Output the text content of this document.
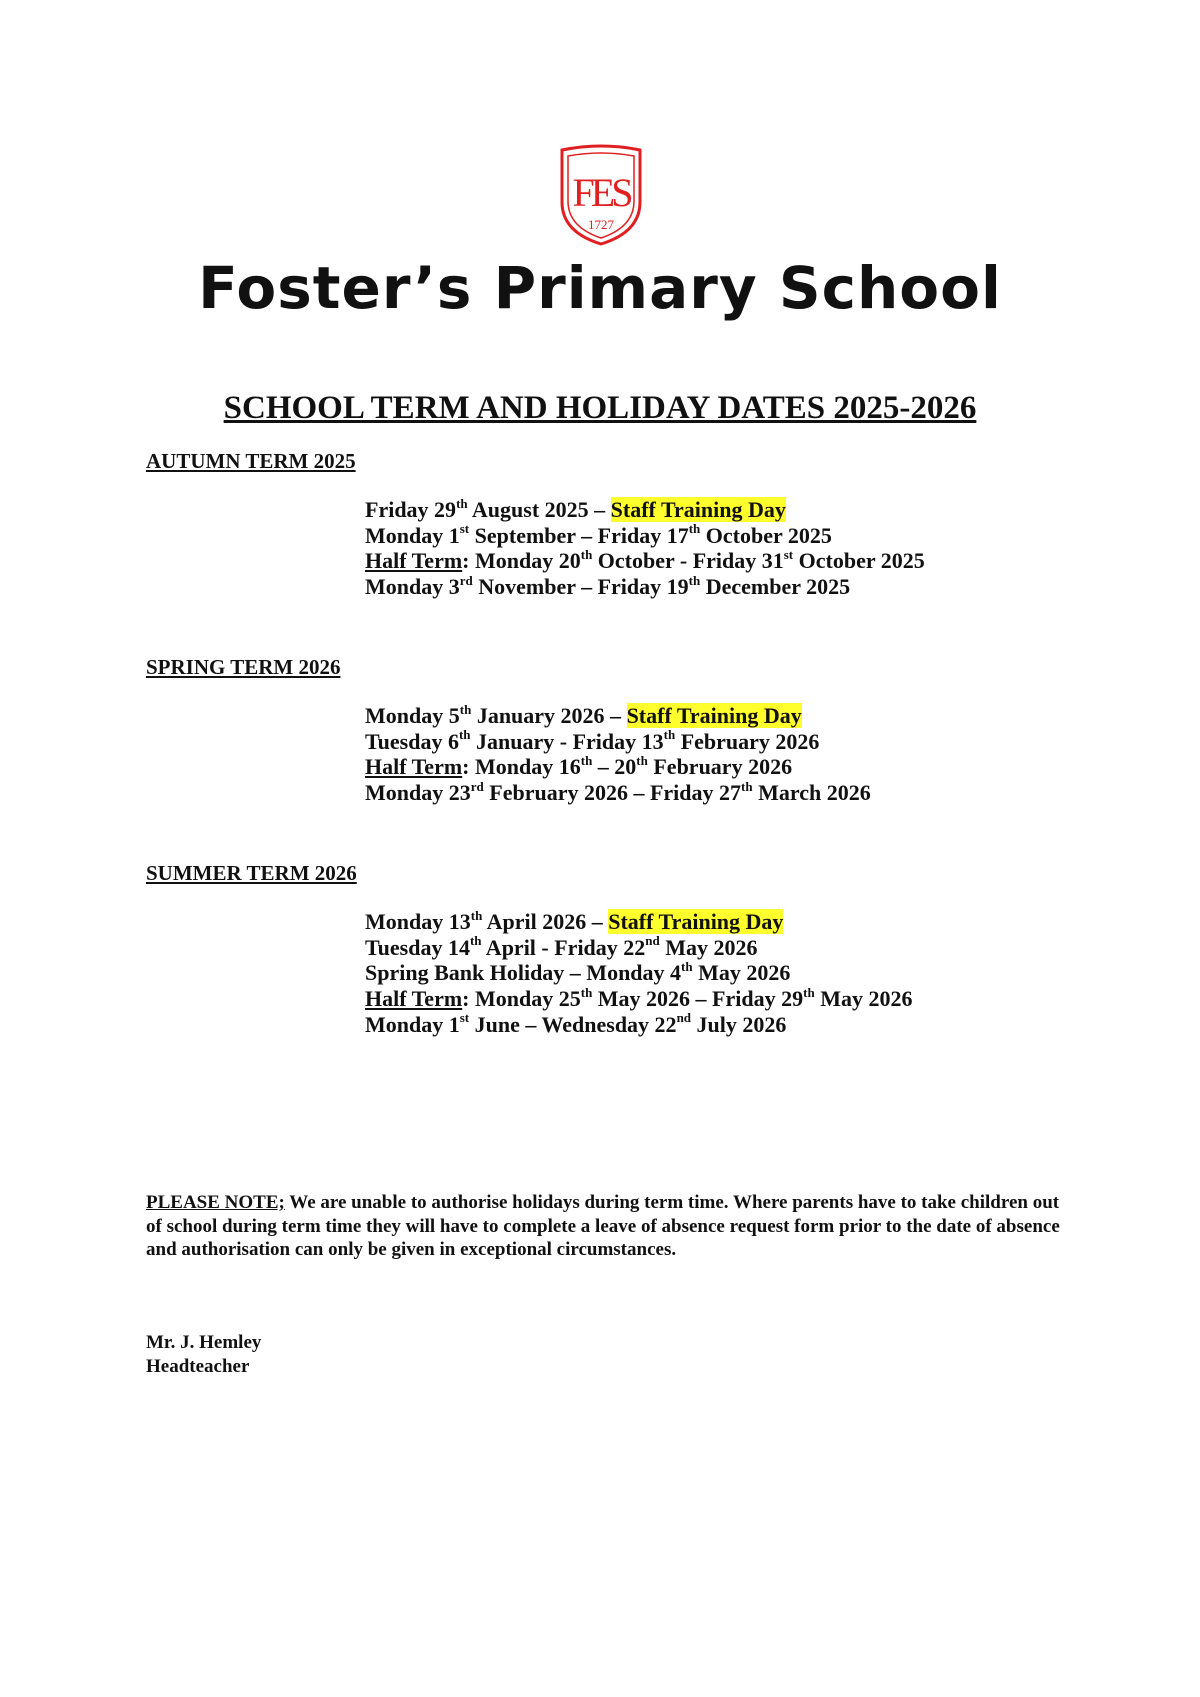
FES
1727
Foster’s Primary School
SCHOOL TERM AND HOLIDAY DATES 2025-2026
AUTUMN TERM 2025
Friday 29th August 2025 – Staff Training Day
Monday 1st September – Friday 17th October 2025
Half Term: Monday 20th October - Friday 31st October 2025
Monday 3rd November – Friday 19th December 2025
SPRING TERM 2026
Monday 5th January 2026 – Staff Training Day
Tuesday 6th January - Friday 13th February 2026
Half Term: Monday 16th – 20th February 2026
Monday 23rd February 2026 – Friday 27th March 2026
SUMMER TERM 2026
Monday 13th April 2026 – Staff Training Day
Tuesday 14th April - Friday 22nd May 2026
Spring Bank Holiday – Monday 4th May 2026
Half Term: Monday 25th May 2026 – Friday 29th May 2026
Monday 1st June – Wednesday 22nd July 2026

PLEASE NOTE; We are unable to authorise holidays during term time. Where parents have to take children out of school during term time they will have to complete a leave of absence request form prior to the date of absence and authorisation can only be given in exceptional circumstances.

Mr. J. Hemley
Headteacher
